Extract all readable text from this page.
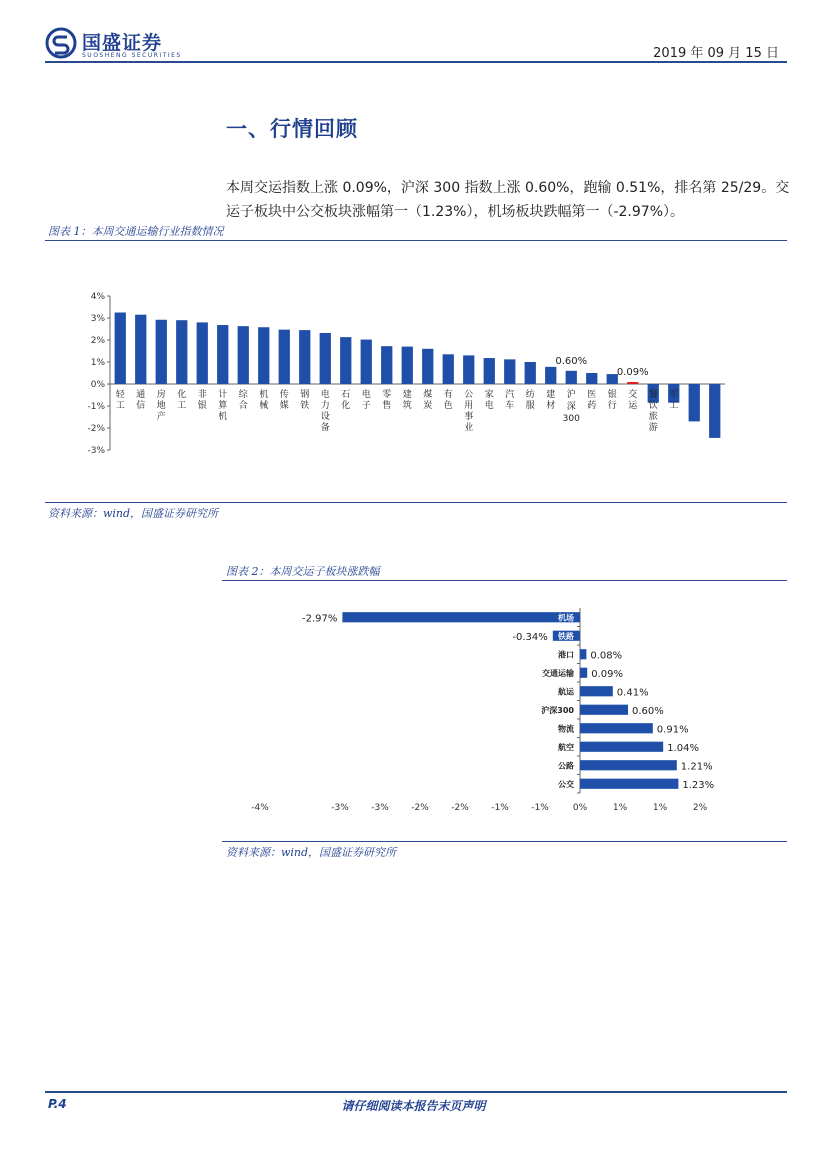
国盛证券
SUOSHENG SECURITIES	2019 年 09 月 15 日
一、行情回顾
本周交运指数上涨 0.09%，沪深 300 指数上涨 0.60%，跑输 0.51%，排名第 25/29。交
运子板块中公交板块涨幅第一（1.23%），机场板块跌幅第一（-2.97%）。
图表 1：本周交通运输行业指数情况
4%
3%
2%
1%
0%
-1%
-2%
-3%
轻工
通信
房地产
化工
非银
计算机
综合
机械
传媒
钢铁
电力设备
石化
电子
零售
建筑
煤炭
有色
公用事业
家电
汽车
纺服
建材
沪
深
300
医药
银行
交运
餐饮旅游
军工
0.60%
0.09%
资料来源：wind，国盛证券研究所
图表 2：本周交运子板块涨跌幅
机场
-2.97%
铁路
-0.34%
港口 0.08%
交通运输 0.09%
航运	0.41%
沪深300	0.60%
物流	0.91%
航空	1.04%
公路	1.21%
公交	1.23%
-4%	-3% -3% -2% -2% -1% -1%	0%	1%	1%	2%
资料来源：wind，国盛证券研究所
P.4	请仔细阅读本报告末页声明
